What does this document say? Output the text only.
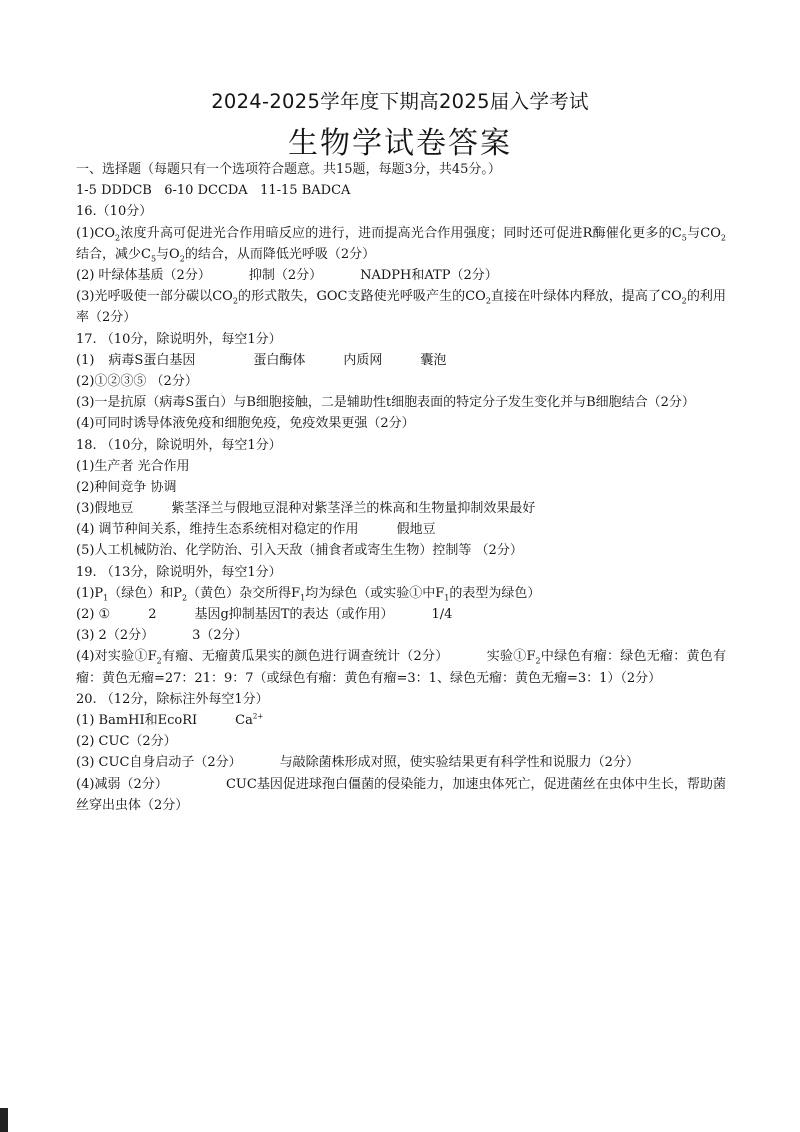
2024-2025学年度下期高2025届入学考试
生物学试卷答案
一、选择题（每题只有一个选项符合题意。共15题，每题3分，共45分。）
1-5 DDDCB   6-10 DCCDA   11-15 BADCA
16.（10分）
$(1)CO_2$浓度升高可促进光合作用暗反应的进行，进而提高光合作用强度；同时还可促进R酶催化更多的$C_5$与$CO_2$结合，减少$C_5$与$O_2$的结合，从而降低光呼吸（2分）
(2) 叶绿体基质（2分）	抑制（2分）	NADPH和ATP（2分）
(3)光呼吸使一部分碳以$CO_2$的形式散失，GOC支路使光呼吸产生的$CO_2$直接在叶绿体内释放，提高了$CO_2$的利用率（2分）
17. （10分，除说明外，每空1分）
(1) 病毒S蛋白基因	蛋白酶体	内质网	囊泡
(2)①②③⑤ （2分）
(3)一是抗原（病毒S蛋白）与B细胞接触，二是辅助性t细胞表面的特定分子发生变化并与B细胞结合（2分）
(4)可同时诱导体液免疫和细胞免疫，免疫效果更强（2分）
18. （10分，除说明外，每空1分）
(1)生产者 光合作用
(2)种间竞争 协调
(3)假地豆	紫茎泽兰与假地豆混种对紫茎泽兰的株高和生物量抑制效果最好
(4) 调节种间关系，维持生态系统相对稳定的作用	假地豆
(5)人工机械防治、化学防治、引入天敌（捕食者或寄生生物）控制等 （2分）
19. （13分，除说明外，每空1分）
$(1)P_1$（绿色）和$P_2$（黄色）杂交所得$F_1$均为绿色（或实验①中$F_1$的表型为绿色）
(2) ①	2	基因g抑制基因T的表达（或作用）	1/4
(3) 2（2分）	3（2分）
(4)对实验$①F_2$有瘤、无瘤黄瓜果实的颜色进行调查统计（2分）	实验$①F_2$中绿色有瘤：绿色无瘤：黄色有瘤：黄色无瘤=27：21：9：7（或绿色有瘤：黄色有瘤=3：1、绿色无瘤：黄色无瘤=3：1）（2分）
20. （12分，除标注外每空1分）
(1) BamHⅠ和EcoRⅠ	$Ca^{2+}$
(2) CUC（2分）
(3) CUC自身启动子（2分）	与敲除菌株形成对照，使实验结果更有科学性和说服力（2分）
(4)减弱（2分）	CUC基因促进球孢白僵菌的侵染能力，加速虫体死亡，促进菌丝在虫体中生长，帮助菌丝穿出虫体（2分）
